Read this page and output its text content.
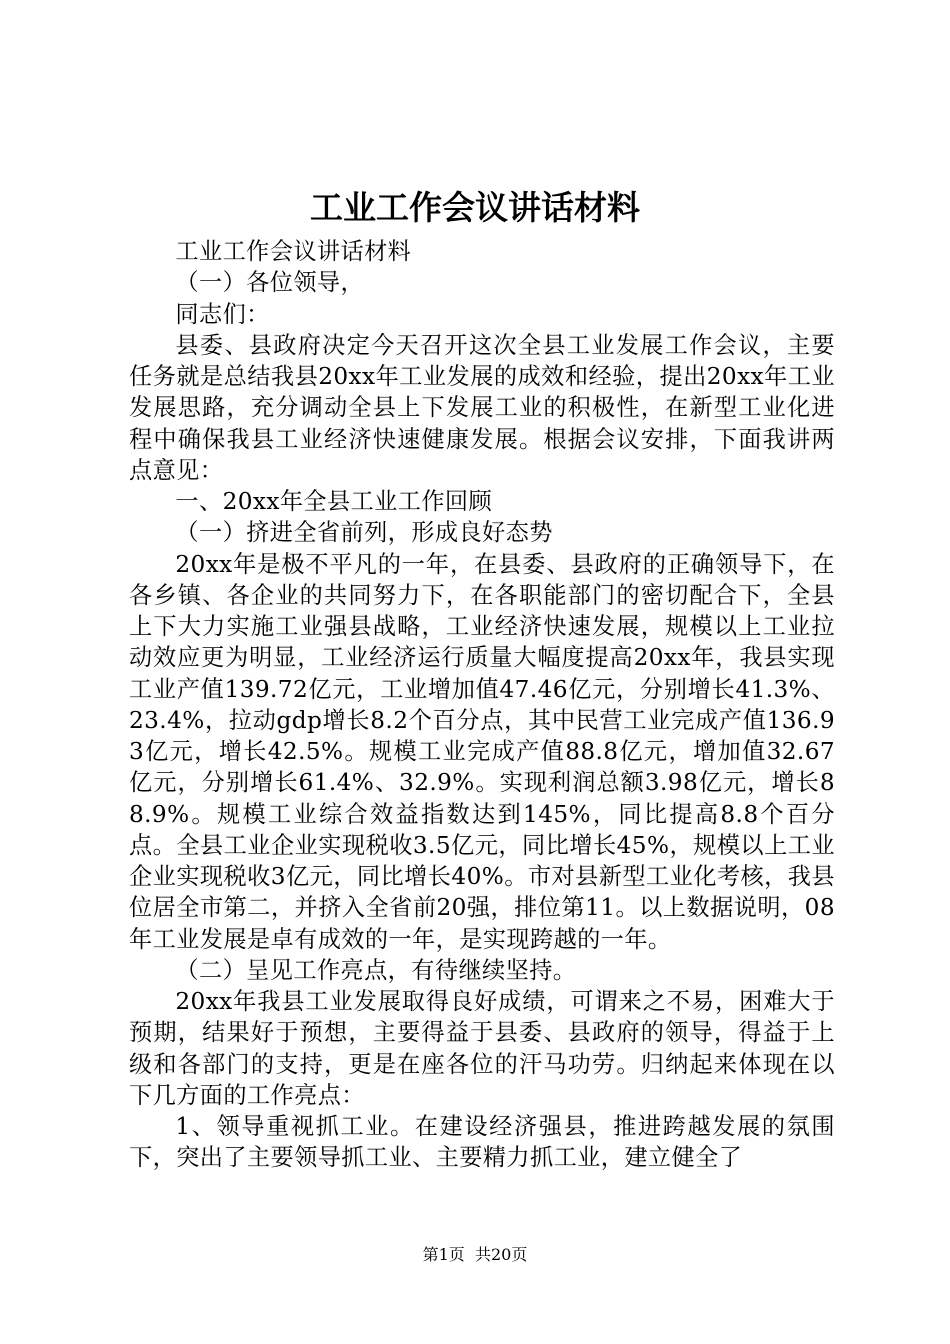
工业工作会议讲话材料

工业工作会议讲话材料

（一）各位领导，

同志们：

县委、县政府决定今天召开这次全县工业发展工作会议，主要任务就是总结我县20xx年工业发展的成效和经验，提出20xx年工业发展思路，充分调动全县上下发展工业的积极性，在新型工业化进程中确保我县工业经济快速健康发展。根据会议安排，下面我讲两点意见：

一、20xx年全县工业工作回顾

（一）挤进全省前列，形成良好态势

20xx年是极不平凡的一年，在县委、县政府的正确领导下，在各乡镇、各企业的共同努力下，在各职能部门的密切配合下，全县上下大力实施工业强县战略，工业经济快速发展，规模以上工业拉动效应更为明显，工业经济运行质量大幅度提高20xx年，我县实现工业产值139.72亿元，工业增加值47.46亿元，分别增长41.3%、23.4%，拉动gdp增长8.2个百分点，其中民营工业完成产值136.93亿元，增长42.5%。规模工业完成产值88.8亿元，增加值32.67亿元，分别增长61.4%、32.9%。实现利润总额3.98亿元，增长88.9%。规模工业综合效益指数达到145%，同比提高8.8个百分点。全县工业企业实现税收3.5亿元，同比增长45%，规模以上工业企业实现税收3亿元，同比增长40%。市对县新型工业化考核，我县位居全市第二，并挤入全省前20强，排位第11。以上数据说明，08年工业发展是卓有成效的一年，是实现跨越的一年。

（二）呈见工作亮点，有待继续坚持。

20xx年我县工业发展取得良好成绩，可谓来之不易，困难大于预期，结果好于预想，主要得益于县委、县政府的领导，得益于上级和各部门的支持，更是在座各位的汗马功劳。归纳起来体现在以下几方面的工作亮点：

1、领导重视抓工业。在建设经济强县，推进跨越发展的氛围下，突出了主要领导抓工业、主要精力抓工业，建立健全了

第1页 共20页
